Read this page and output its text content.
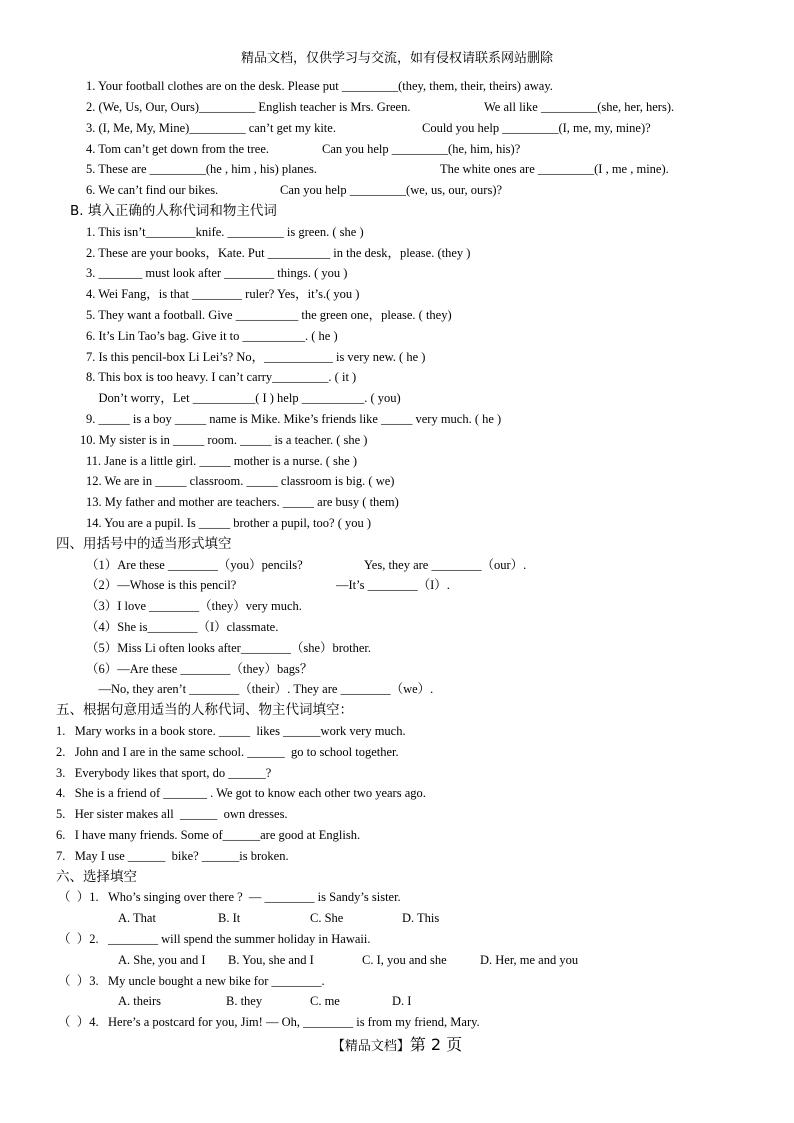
精品文档，仅供学习与交流，如有侵权请联系网站删除
1. Your football clothes are on the desk. Please put _________(they, them, their, theirs) away.
2. (We, Us, Our, Ours)_________ English teacher is Mrs. Green.	We all like _________(she, her, hers).
3. (I, Me, My, Mine)_________ can’t get my kite.	Could you help _________(I, me, my, mine)?
4. Tom can’t get down from the tree.	Can you help _________(he, him, his)?
5. These are _________(he , him , his) planes.	The white ones are _________(I , me , mine).
6. We can’t find our bikes.	Can you help _________(we, us, our, ours)?
B. 填入正确的人称代词和物主代词
1. This isn’t________knife. _________ is green. ( she )
2. These are your books，Kate. Put __________ in the desk，please. (they )
3. _______ must look after ________ things. ( you )
4. Wei Fang，is that ________ ruler? Yes，it’s.( you )
5. They want a football. Give __________ the green one，please. ( they)
6. It’s Lin Tao’s bag. Give it to __________. ( he )
7. Is this pencil-box Li Lei’s? No，___________ is very new. ( he )
8. This box is too heavy. I can’t carry_________. ( it )
Don’t worry，Let __________( I ) help __________. ( you)
9. _____ is a boy _____ name is Mike. Mike’s friends like _____ very much. ( he )
10. My sister is in _____ room. _____ is a teacher. ( she )
11. Jane is a little girl. _____ mother is a nurse. ( she )
12. We are in _____ classroom. _____ classroom is big. ( we)
13. My father and mother are teachers. _____ are busy ( them)
14. You are a pupil. Is _____ brother a pupil, too? ( you )
四、用括号中的适当形式填空
（1）Are these ________（you）pencils?	Yes, they are ________（our）.
（2）—Whose is this pencil?	—It’s ________（I）.
（3）I love ________（they）very much.
（4）She is________（I）classmate.
（5）Miss Li often looks after________（she）brother.
（6）—Are these ________（they）bags？
—No, they aren’t ________（their）. They are ________（we）.
五、根据句意用适当的人称代词、物主代词填空：
1.   Mary works in a book store. _____  likes ______work very much.
2.   John and I are in the same school. ______  go to school together.
3.   Everybody likes that sport, do ______?
4.   She is a friend of _______ . We got to know each other two years ago.
5.   Her sister makes all  ______  own dresses.
6.   I have many friends. Some of______are good at English.
7.   May I use ______  bike? ______is broken.
六、选择填空
（  ）1.   Who’s singing over there ?  — ________ is Sandy’s sister.
A. That	B. It	C. She	D. This
（  ）2.   ________ will spend the summer holiday in Hawaii.
A. She, you and I B. You, she and I	C. I, you and she	D. Her, me and you
（  ）3.   My uncle bought a new bike for ________.
A. theirs	B. they	C. me	D. I
（  ）4.   Here’s a postcard for you, Jim! — Oh, ________ is from my friend, Mary.
【精品文档】第 2 页
